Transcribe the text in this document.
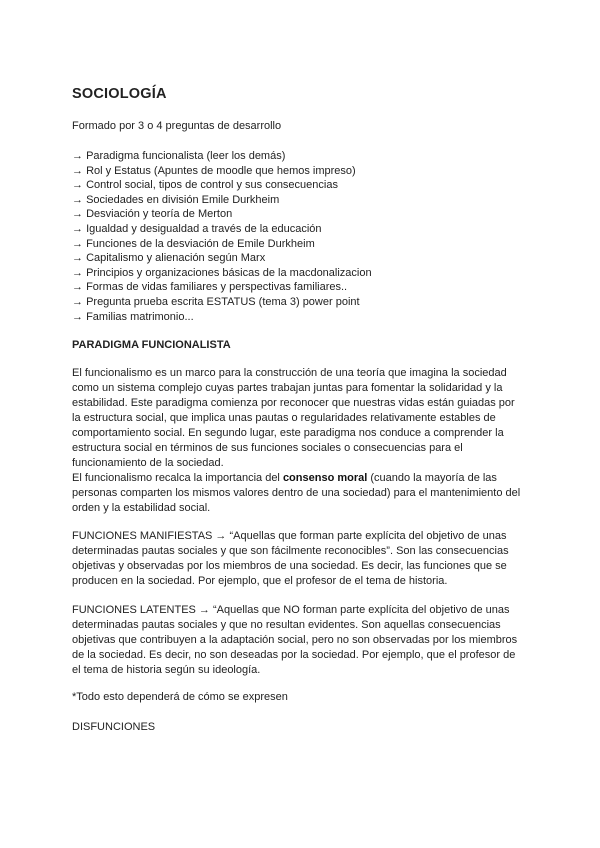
SOCIOLOGÍA

Formado por 3 o 4 preguntas de desarrollo

→ Paradigma funcionalista (leer los demás)
→ Rol y Estatus (Apuntes de moodle que hemos impreso)
→ Control social, tipos de control y sus consecuencias
→ Sociedades en división Emile Durkheim
→ Desviación y teoría de Merton
→ Igualdad y desigualdad a través de la educación
→ Funciones de la desviación de Emile Durkheim
→ Capitalismo y alienación según Marx
→ Principios y organizaciones básicas de la macdonalizacion
→ Formas de vidas familiares y perspectivas familiares..
→ Pregunta prueba escrita ESTATUS (tema 3) power point
→ Familias matrimonio...
PARADIGMA FUNCIONALISTA
El funcionalismo es un marco para la construcción de una teoría que imagina la sociedad
como un sistema complejo cuyas partes trabajan juntas para fomentar la solidaridad y la
estabilidad. Este paradigma comienza por reconocer que nuestras vidas están guiadas por
la estructura social, que implica unas pautas o regularidades relativamente estables de
comportamiento social. En segundo lugar, este paradigma nos conduce a comprender la
estructura social en términos de sus funciones sociales o consecuencias para el
funcionamiento de la sociedad.
El funcionalismo recalca la importancia del consenso moral (cuando la mayoría de las
personas comparten los mismos valores dentro de una sociedad) para el mantenimiento del
orden y la estabilidad social.
FUNCIONES MANIFIESTAS → “Aquellas que forman parte explícita del objetivo de unas
determinadas pautas sociales y que son fácilmente reconocibles”. Son las consecuencias
objetivas y observadas por los miembros de una sociedad. Es decir, las funciones que se
producen en la sociedad. Por ejemplo, que el profesor de el tema de historia.
FUNCIONES LATENTES → “Aquellas que NO forman parte explícita del objetivo de unas
determinadas pautas sociales y que no resultan evidentes. Son aquellas consecuencias
objetivas que contribuyen a la adaptación social, pero no son observadas por los miembros
de la sociedad. Es decir, no son deseadas por la sociedad. Por ejemplo, que el profesor de
el tema de historia según su ideología.

*Todo esto dependerá de cómo se expresen

DISFUNCIONES
